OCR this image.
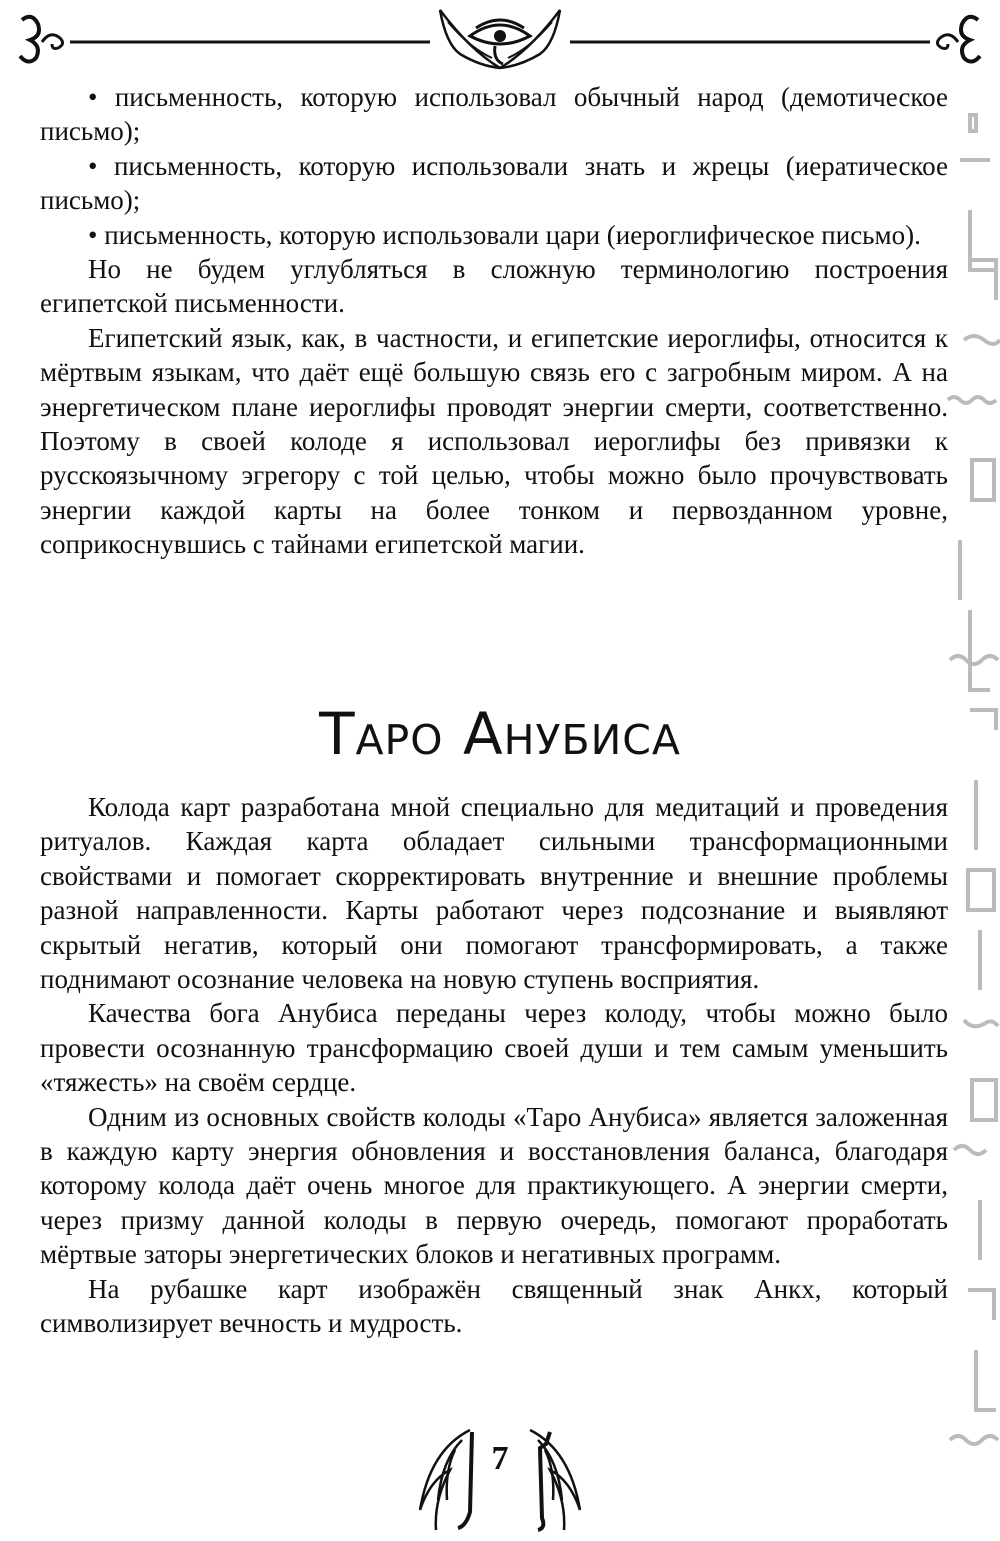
• письменность, которую использовал обычный народ (демотическое письмо);

• письменность, которую использовали знать и жрецы (иератическое письмо);

• письменность, которую использовали цари (иероглифическое письмо).

Но не будем углубляться в сложную терминологию построения египетской письменности.

Египетский язык, как, в частности, и египетские иероглифы, относится к мёртвым языкам, что даёт ещё большую связь его с загробным миром. А на энергетическом плане иероглифы проводят энергии смерти, соответственно. Поэтому в своей колоде я использовал иероглифы без привязки к русскоязычному эгрегору с той целью, чтобы можно было прочувствовать энергии каждой карты на более тонком и первозданном уровне, соприкоснувшись с тайнами египетской магии.

Таро Анубиса

Колода карт разработана мной специально для медитаций и проведения ритуалов. Каждая карта обладает сильными трансформационными свойствами и помогает скорректировать внутренние и внешние проблемы разной направленности. Карты работают через подсознание и выявляют скрытый негатив, который они помогают трансформировать, а также поднимают осознание человека на новую ступень восприятия.

Качества бога Анубиса переданы через колоду, чтобы можно было провести осознанную трансформацию своей души и тем самым уменьшить «тяжесть» на своём сердце.

Одним из основных свойств колоды «Таро Анубиса» является заложенная в каждую карту энергия обновления и восстановления баланса, благодаря которому колода даёт очень многое для практикующего. А энергии смерти, через призму данной колоды в первую очередь, помогают проработать мёртвые заторы энергетических блоков и негативных программ.

На рубашке карт изображён священный знак Анкх, который символизирует вечность и мудрость.

7
